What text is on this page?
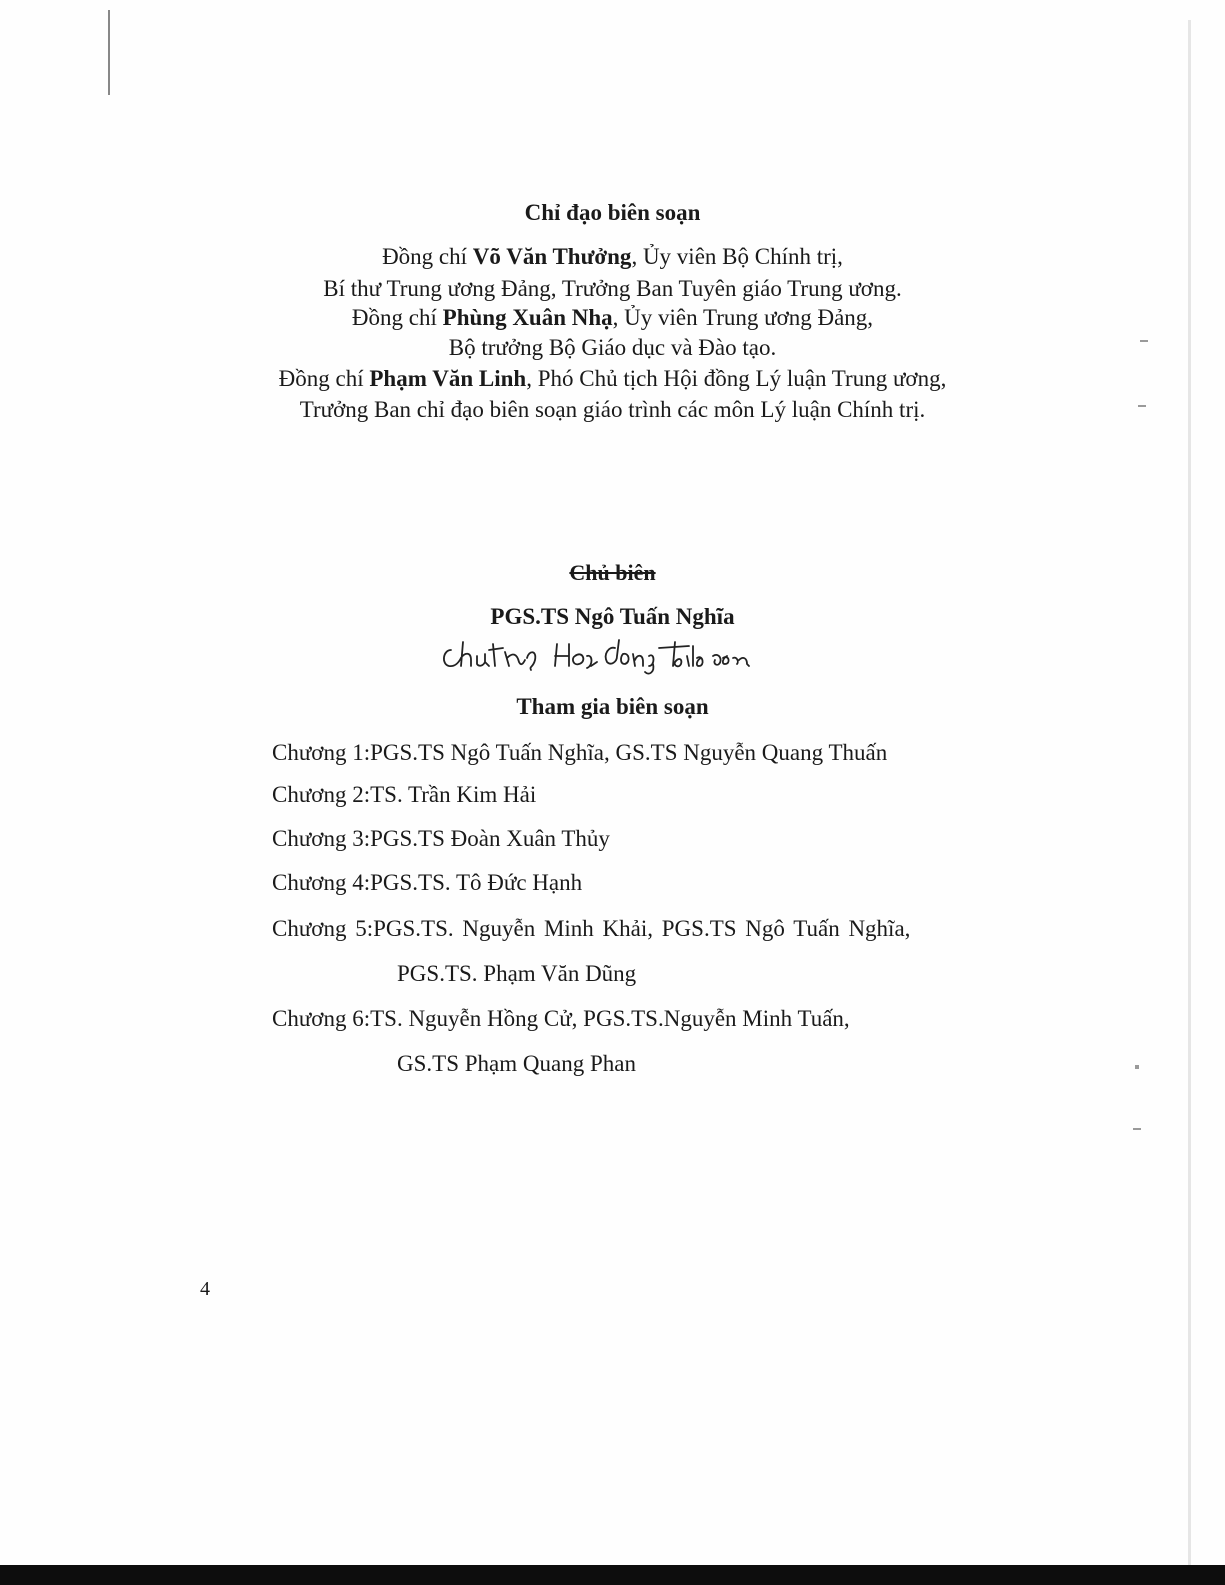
Chỉ đạo biên soạn
Đồng chí Võ Văn Thưởng, Ủy viên Bộ Chính trị,
Bí thư Trung ương Đảng, Trưởng Ban Tuyên giáo Trung ương.
Đồng chí Phùng Xuân Nhạ, Ủy viên Trung ương Đảng,
Bộ trưởng Bộ Giáo dục và Đào tạo.
Đồng chí Phạm Văn Linh, Phó Chủ tịch Hội đồng Lý luận Trung ương,
Trưởng Ban chỉ đạo biên soạn giáo trình các môn Lý luận Chính trị.
Chủ biên
PGS.TS Ngô Tuấn Nghĩa
Tham gia biên soạn
Chương 1:PGS.TS Ngô Tuấn Nghĩa, GS.TS Nguyễn Quang Thuấn
Chương 2:TS. Trần Kim Hải
Chương 3:PGS.TS Đoàn Xuân Thủy
Chương 4:PGS.TS. Tô Đức Hạnh
Chương 5:PGS.TS. Nguyễn Minh Khải, PGS.TS Ngô Tuấn Nghĩa,
PGS.TS. Phạm Văn Dũng
Chương 6:TS. Nguyễn Hồng Cử, PGS.TS.Nguyễn Minh Tuấn,
GS.TS Phạm Quang Phan
4
